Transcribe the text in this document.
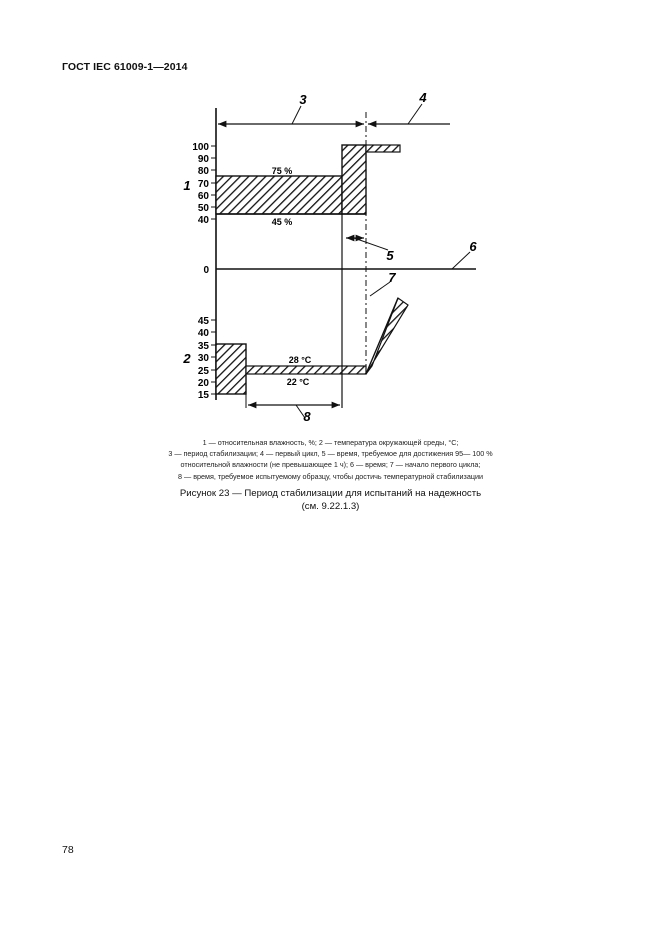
ГОСТ IEC 61009-1—2014
100
90
80
70
60
50
40
45
40
35
30
25
20
15
0
75 %
45 %
28 °C
22 °C
1
2
3	4
5
6
7
8
1 — относительная влажность, %; 2 — температура окружающей среды, °С;
3 — период стабилизации; 4 — первый цикл, 5 — время, требуемое для достижения 95— 100 %
относительной влажности (не превышающее 1 ч); 6 — время; 7 — начало первого цикла;
8 — время, требуемое испытуемому образцу, чтобы достичь температурной стабилизации
Рисунок 23 — Период стабилизации для испытаний на надежность
(см. 9.22.1.3)
78
